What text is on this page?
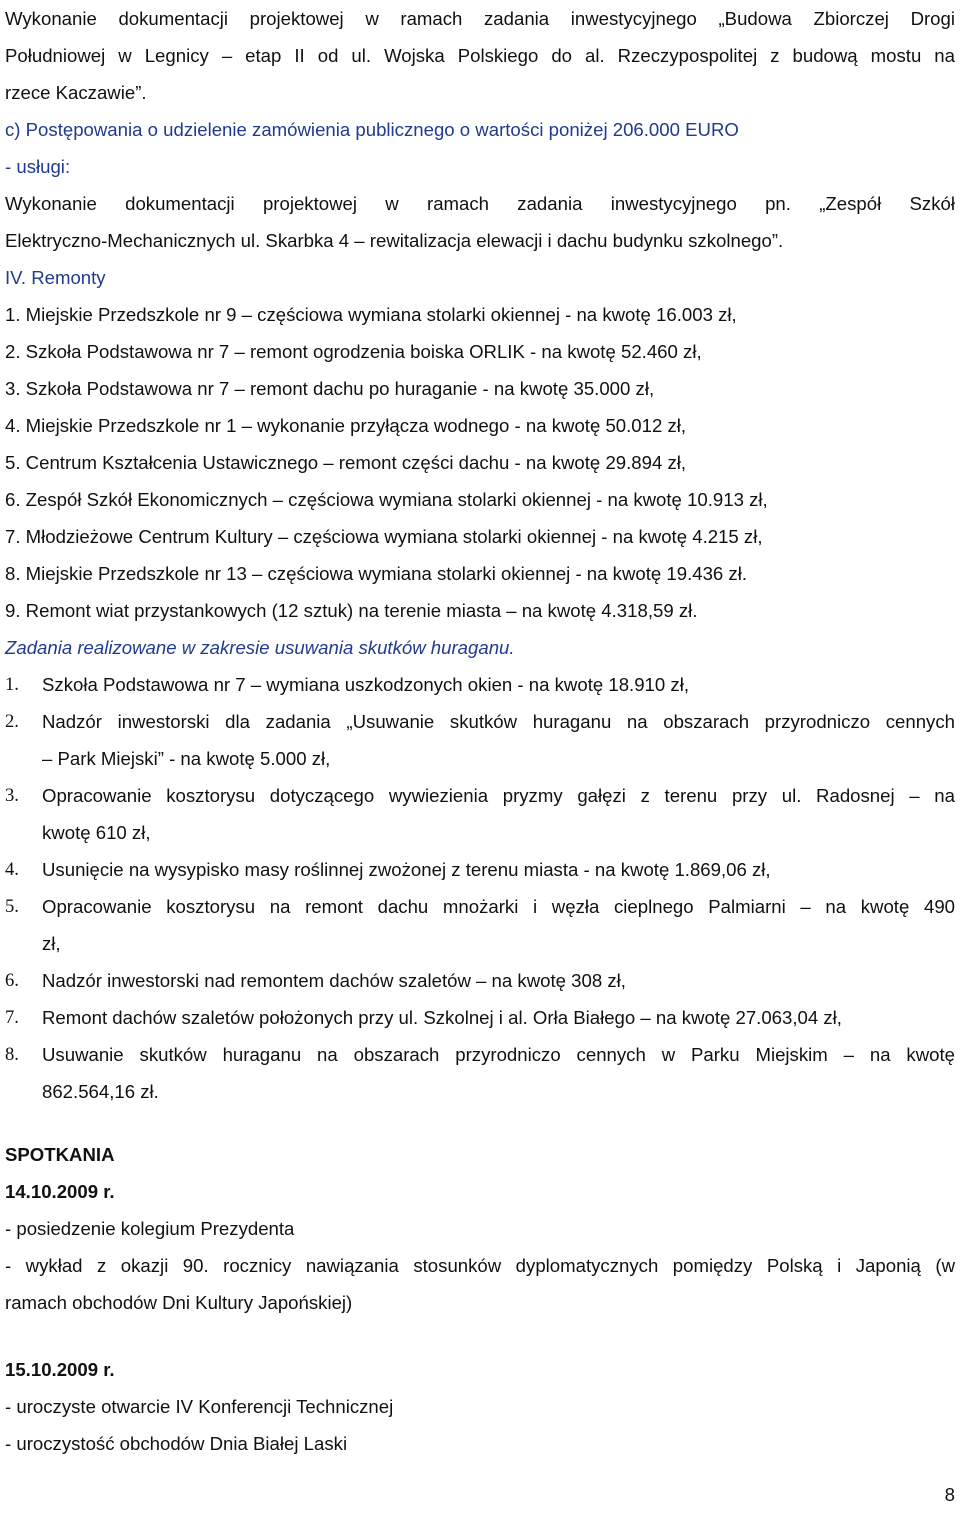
Wykonanie dokumentacji projektowej w ramach zadania inwestycyjnego „Budowa Zbiorczej Drogi
Południowej w Legnicy – etap II od ul. Wojska Polskiego do al. Rzeczypospolitej z budową mostu na
rzece Kaczawie”.
c) Postępowania o udzielenie zamówienia publicznego o wartości poniżej 206.000 EURO
- usługi:
Wykonanie dokumentacji projektowej w ramach zadania inwestycyjnego pn. „Zespół Szkół
Elektryczno-Mechanicznych ul. Skarbka 4 – rewitalizacja elewacji i dachu budynku szkolnego”.
IV. Remonty
1. Miejskie Przedszkole nr 9 – częściowa wymiana stolarki okiennej - na kwotę 16.003 zł,
2. Szkoła Podstawowa nr 7 – remont ogrodzenia boiska ORLIK - na kwotę 52.460 zł,
3. Szkoła Podstawowa nr 7 – remont dachu po huraganie - na kwotę 35.000 zł,
4. Miejskie Przedszkole nr 1 – wykonanie przyłącza wodnego - na kwotę 50.012 zł,
5. Centrum Kształcenia Ustawicznego – remont części dachu - na kwotę 29.894 zł,
6. Zespół Szkół Ekonomicznych – częściowa wymiana stolarki okiennej - na kwotę 10.913 zł,
7. Młodzieżowe Centrum Kultury – częściowa wymiana stolarki okiennej - na kwotę 4.215 zł,
8. Miejskie Przedszkole nr 13 – częściowa wymiana stolarki okiennej - na kwotę 19.436 zł.
9. Remont wiat przystankowych (12 sztuk) na terenie miasta – na kwotę 4.318,59 zł.
Zadania realizowane w zakresie usuwania skutków huraganu.
1.	Szkoła Podstawowa nr 7 – wymiana uszkodzonych okien - na kwotę 18.910 zł,
2.	Nadzór inwestorski dla zadania „Usuwanie skutków huraganu na obszarach przyrodniczo cennych
– Park Miejski” - na kwotę 5.000 zł,
3.	Opracowanie kosztorysu dotyczącego wywiezienia pryzmy gałęzi z terenu przy ul. Radosnej – na
kwotę 610 zł,
4.	Usunięcie na wysypisko masy roślinnej zwożonej z terenu miasta - na kwotę 1.869,06 zł,
5.	Opracowanie kosztorysu na remont dachu mnożarki i węzła cieplnego Palmiarni – na kwotę 490
zł,
6.	Nadzór inwestorski nad remontem dachów szaletów – na kwotę 308 zł,
7.	Remont dachów szaletów położonych przy ul. Szkolnej i al. Orła Białego – na kwotę 27.063,04 zł,
8.	Usuwanie skutków huraganu na obszarach przyrodniczo cennych w Parku Miejskim – na kwotę
862.564,16 zł.
SPOTKANIA
14.10.2009 r.
- posiedzenie kolegium Prezydenta
- wykład z okazji 90. rocznicy nawiązania stosunków dyplomatycznych pomiędzy Polską i Japonią (w
ramach obchodów Dni Kultury Japońskiej)
15.10.2009 r.
- uroczyste otwarcie IV Konferencji Technicznej
- uroczystość obchodów Dnia Białej Laski
8
